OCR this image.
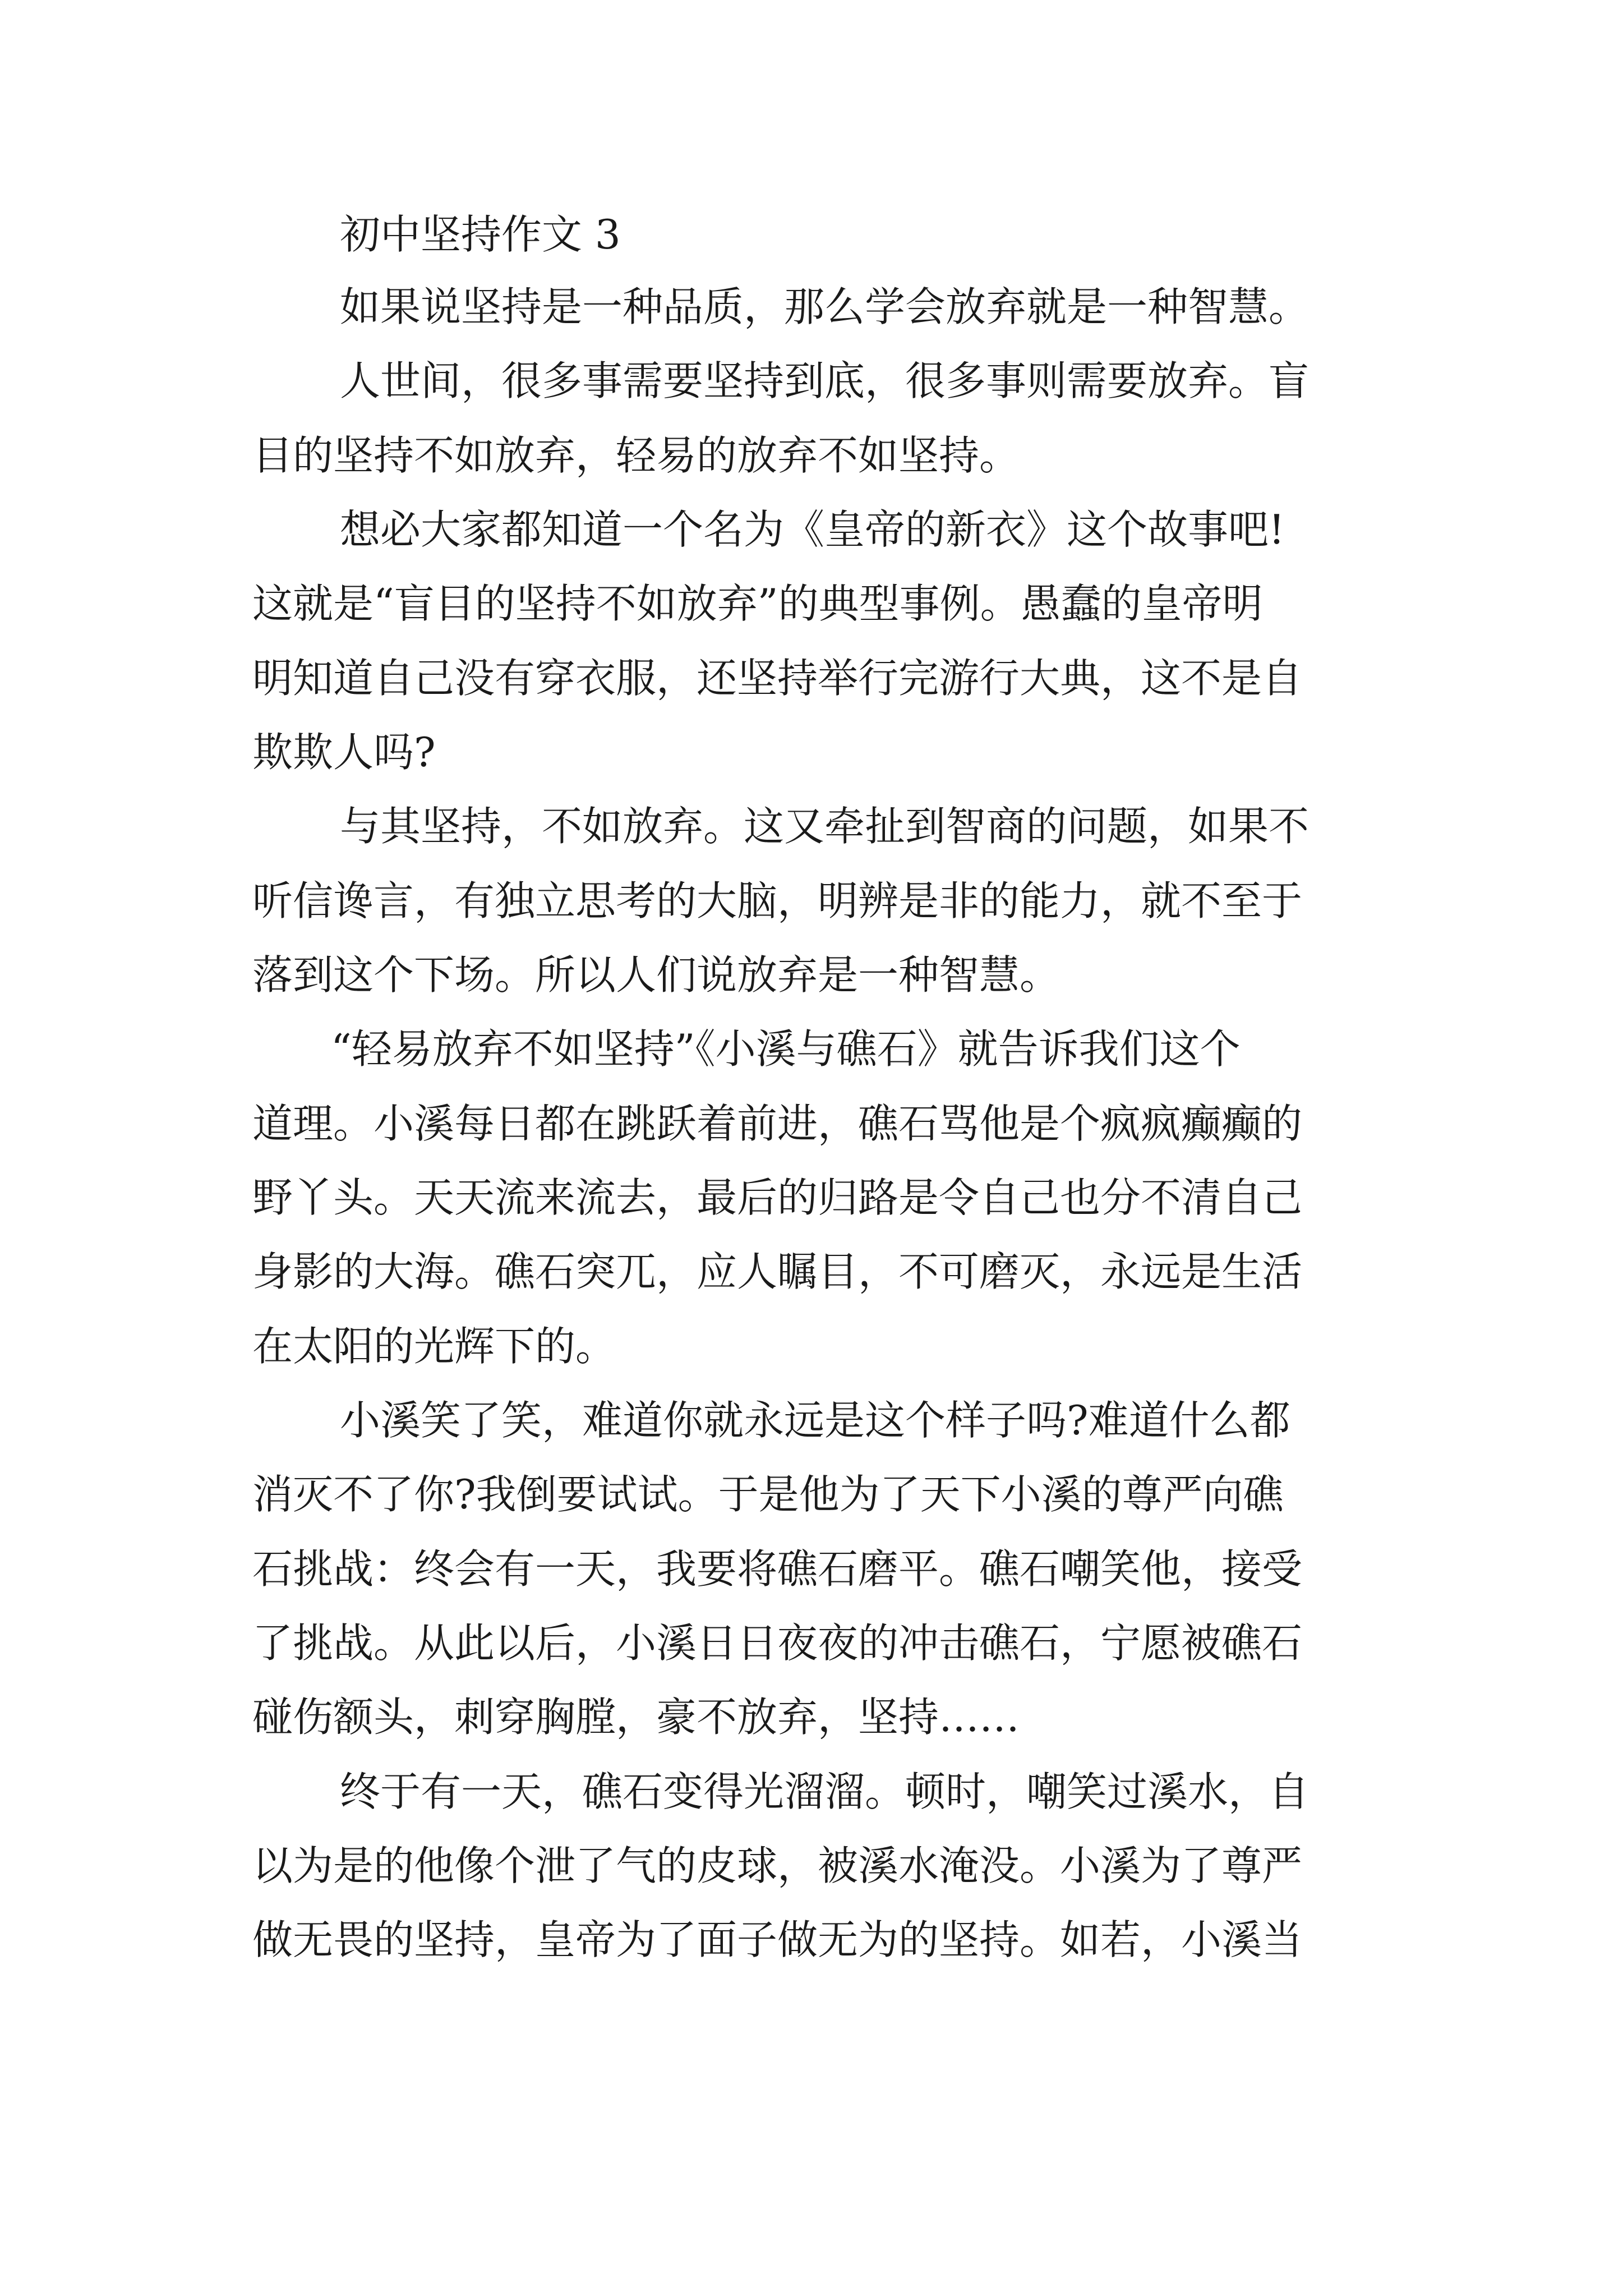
初中坚持作文 3

如果说坚持是一种品质，那么学会放弃就是一种智慧。

人世间，很多事需要坚持到底，很多事则需要放弃。盲

目的坚持不如放弃，轻易的放弃不如坚持。

想必大家都知道一个名为《皇帝的新衣》这个故事吧!

这就是“盲目的坚持不如放弃”的典型事例。愚蠢的皇帝明

明知道自己没有穿衣服，还坚持举行完游行大典，这不是自

欺欺人吗?

与其坚持，不如放弃。这又牵扯到智商的问题，如果不

听信谗言，有独立思考的大脑，明辨是非的能力，就不至于

落到这个下场。所以人们说放弃是一种智慧。

“轻易放弃不如坚持”《小溪与礁石》就告诉我们这个

道理。小溪每日都在跳跃着前进，礁石骂他是个疯疯癫癫的

野丫头。天天流来流去，最后的归路是令自己也分不清自己

身影的大海。礁石突兀，应人瞩目，不可磨灭，永远是生活

在太阳的光辉下的。

小溪笑了笑，难道你就永远是这个样子吗?难道什么都

消灭不了你?我倒要试试。于是他为了天下小溪的尊严向礁

石挑战：终会有一天，我要将礁石磨平。礁石嘲笑他，接受

了挑战。从此以后，小溪日日夜夜的冲击礁石，宁愿被礁石

碰伤额头，刺穿胸膛，豪不放弃，坚持……

终于有一天，礁石变得光溜溜。顿时，嘲笑过溪水，自

以为是的他像个泄了气的皮球，被溪水淹没。小溪为了尊严

做无畏的坚持，皇帝为了面子做无为的坚持。如若，小溪当
